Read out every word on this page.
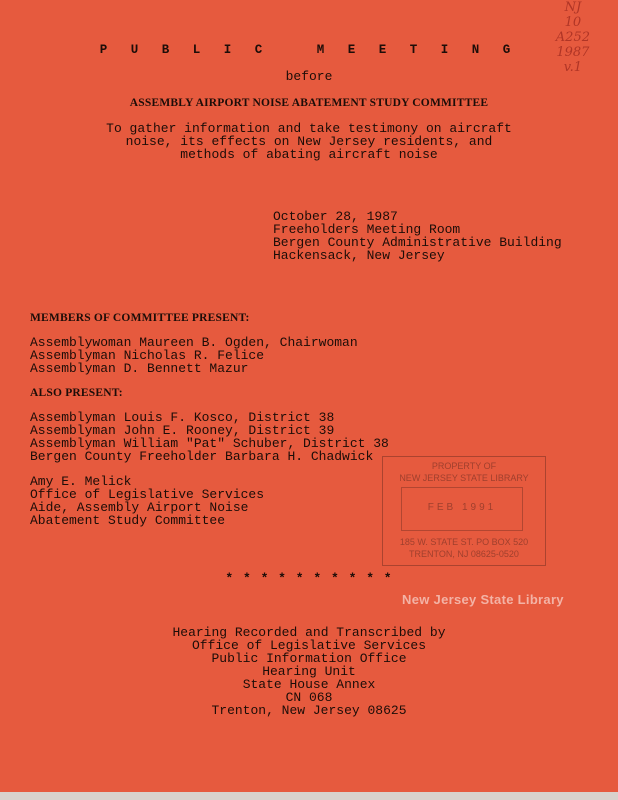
NJ
10
A252
1987
v.1
P U B L I C   M E E T I N G
before
ASSEMBLY AIRPORT NOISE ABATEMENT STUDY COMMITTEE
To gather information and take testimony on aircraft
noise, its effects on New Jersey residents, and
methods of abating aircraft noise
October 28, 1987
Freeholders Meeting Room
Bergen County Administrative Building
Hackensack, New Jersey
MEMBERS OF COMMITTEE PRESENT:
Assemblywoman Maureen B. Ogden, Chairwoman
Assemblyman Nicholas R. Felice
Assemblyman D. Bennett Mazur
ALSO PRESENT:
Assemblyman Louis F. Kosco, District 38
Assemblyman John E. Rooney, District 39
Assemblyman William "Pat" Schuber, District 38
Bergen County Freeholder Barbara H. Chadwick
Amy E. Melick
Office of Legislative Services
Aide, Assembly Airport Noise
Abatement Study Committee
PROPERTY OF
NEW JERSEY STATE LIBRARY
FEB 1991
185 W. STATE ST. PO BOX 520
TRENTON, NJ 08625-0520
* * * * * * * * * *
New Jersey State Library
Hearing Recorded and Transcribed by
Office of Legislative Services
Public Information Office
Hearing Unit
State House Annex
CN 068
Trenton, New Jersey 08625
